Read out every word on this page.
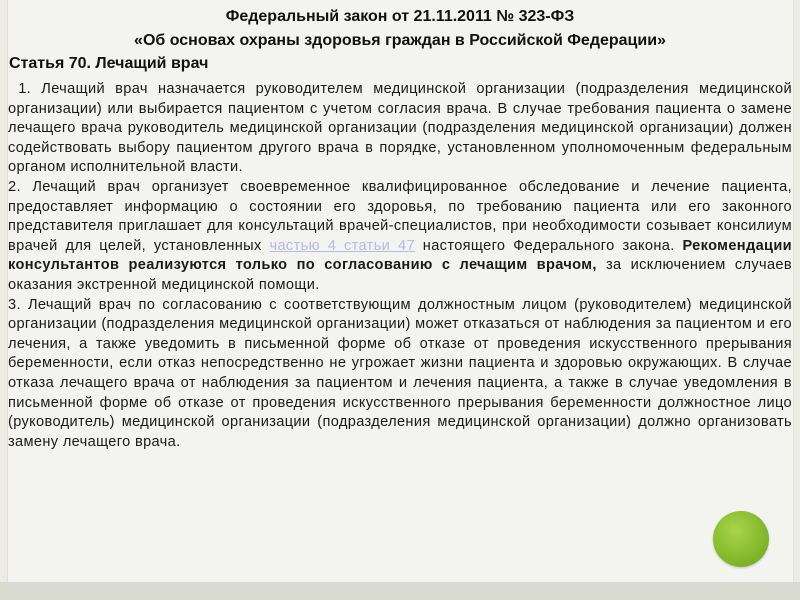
Федеральный закон от 21.11.2011 № 323-ФЗ
«Об основах охраны здоровья граждан в Российской Федерации»
Статья 70. Лечащий врач

1. Лечащий врач назначается руководителем медицинской организации (подразделения медицинской организации) или выбирается пациентом с учетом согласия врача. В случае требования пациента о замене лечащего врача руководитель медицинской организации (подразделения медицинской организации) должен содействовать выбору пациентом другого врача в порядке, установленном уполномоченным федеральным органом исполнительной власти.

2. Лечащий врач организует своевременное квалифицированное обследование и лечение пациента, предоставляет информацию о состоянии его здоровья, по требованию пациента или его законного представителя приглашает для консультаций врачей-специалистов, при необходимости созывает консилиум врачей для целей, установленных частью 4 статьи 47 настоящего Федерального закона. Рекомендации консультантов реализуются только по согласованию с лечащим врачом, за исключением случаев оказания экстренной медицинской помощи.

3. Лечащий врач по согласованию с соответствующим должностным лицом (руководителем) медицинской организации (подразделения медицинской организации) может отказаться от наблюдения за пациентом и его лечения, а также уведомить в письменной форме об отказе от проведения искусственного прерывания беременности, если отказ непосредственно не угрожает жизни пациента и здоровью окружающих. В случае отказа лечащего врача от наблюдения за пациентом и лечения пациента, а также в случае уведомления в письменной форме об отказе от проведения искусственного прерывания беременности должностное лицо (руководитель) медицинской организации (подразделения медицинской организации) должно организовать замену лечащего врача.
